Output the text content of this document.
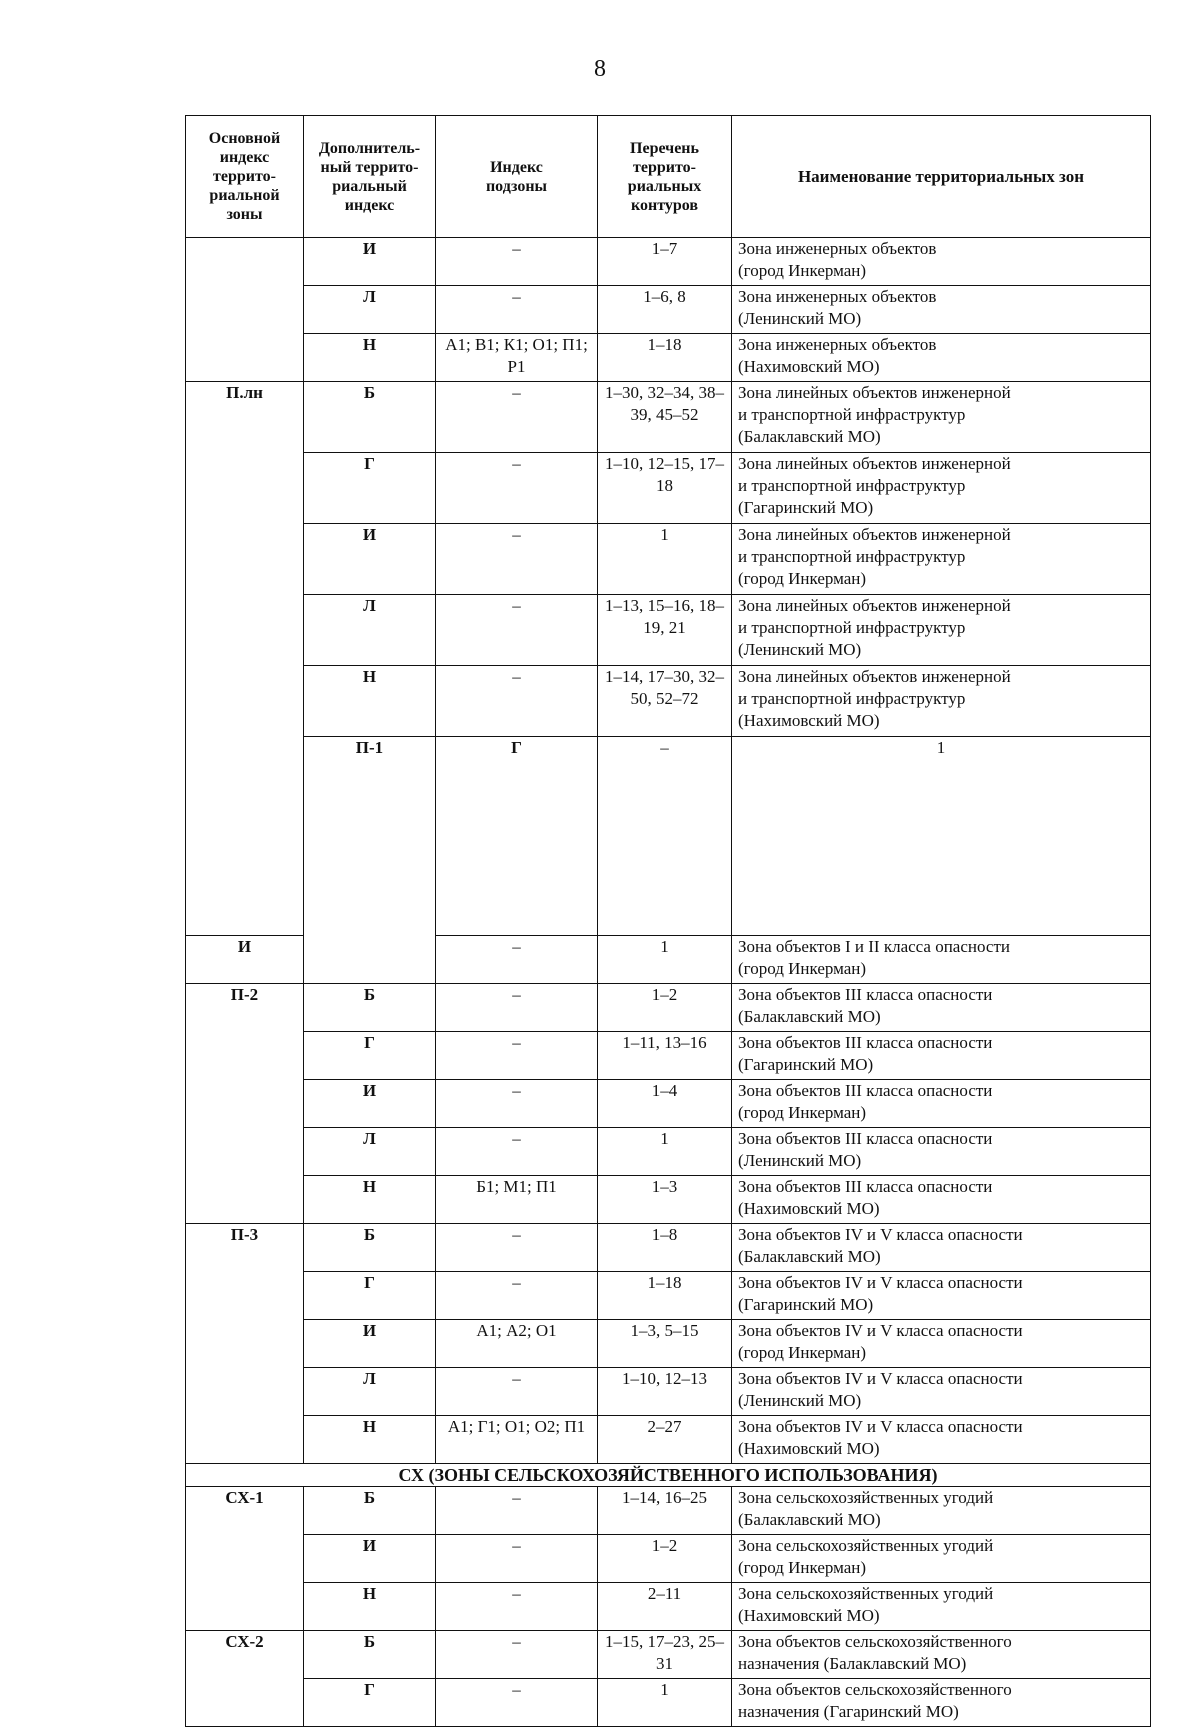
8
Основной
индекс
террито-
риальной
зоны	Дополнитель-
ный террито-
риальный
индекс	Индекс
подзоны	Перечень
террито-
риальных
контуров	Наименование территориальных зон	
	И	–	1–7	Зона инженерных объектов
(город Инкерман)	
	Л	–	1–6, 8	Зона инженерных объектов
(Ленинский МО)	
	Н	А1; В1; К1; О1; П1; Р1	1–18	Зона инженерных объектов
(Нахимовский МО)	
П.лн	Б	–	1–30, 32–34, 38–39, 45–52	Зона линейных объектов инженерной
и транспортной инфраструктур
(Балаклавский МО)	
	Г	–	1–10, 12–15, 17–18	Зона линейных объектов инженерной
и транспортной инфраструктур
(Гагаринский МО)	
	И	–	1	Зона линейных объектов инженерной
и транспортной инфраструктур
(город Инкерман)	
	Л	–	1–13, 15–16, 18–19, 21	Зона линейных объектов инженерной
и транспортной инфраструктур
(Ленинский МО)	
	Н	–	1–14, 17–30, 32–50, 52–72	Зона линейных объектов инженерной
и транспортной инфраструктур
(Нахимовский МО)	
	П-1	Г	–	1	

И		–	1	Зона объектов I и II класса опасности
(город Инкерман)	
П-2	Б	–	1–2	Зона объектов III класса опасности
(Балаклавский МО)	
	Г	–	1–11, 13–16	Зона объектов III класса опасности
(Гагаринский МО)	
	И	–	1–4	Зона объектов III класса опасности
(город Инкерман)	
	Л	–	1	Зона объектов III класса опасности
(Ленинский МО)	
	Н	Б1; М1; П1	1–3	Зона объектов III класса опасности
(Нахимовский МО)	
П-3	Б	–	1–8	Зона объектов IV и V класса опасности
(Балаклавский МО)	
	Г	–	1–18	Зона объектов IV и V класса опасности
(Гагаринский МО)	
	И	А1; А2; О1	1–3, 5–15	Зона объектов IV и V класса опасности
(город Инкерман)	
	Л	–	1–10, 12–13	Зона объектов IV и V класса опасности
(Ленинский МО)	
	Н	А1; Г1; О1; О2; П1	2–27	Зона объектов IV и V класса опасности
(Нахимовский МО)	
СХ (ЗОНЫ СЕЛЬСКОХОЗЯЙСТВЕННОГО ИСПОЛЬЗОВАНИЯ)					
СХ-1	Б	–	1–14, 16–25	Зона сельскохозяйственных угодий
(Балаклавский МО)	
	И	–	1–2	Зона сельскохозяйственных угодий
(город Инкерман)	
	Н	–	2–11	Зона сельскохозяйственных угодий
(Нахимовский МО)	
СХ-2	Б	–	1–15, 17–23, 25–31	Зона объектов сельскохозяйственного
назначения (Балаклавский МО)	
	Г	–	1	Зона объектов сельскохозяйственного
назначения (Гагаринский МО)	
